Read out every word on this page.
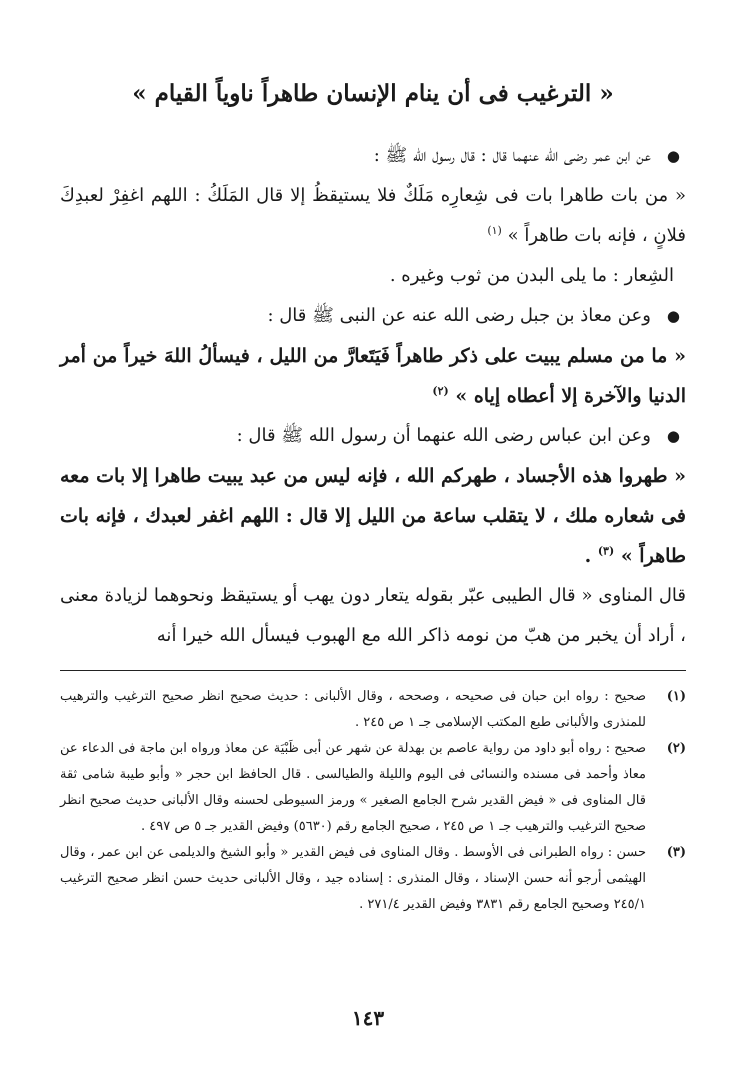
« الترغيب فى أن ينام الإنسان طاهراً ناوياً القيام »

●عن ابن عمر رضى الله عنهما قال : قال رسول الله ﷺ :

« من بات طاهرا بات فى شِعارِه مَلَكٌ فلا يستيقظُ إلا قال المَلَكُ : اللهم اغفِرْ لعبدِكَ فلانٍ ، فإنه بات طاهراً » $^{(١)}$

الشِعار : ما يلى البدن من ثوب وغيره .

●وعن معاذ بن جبل رضى الله عنه عن النبى ﷺ قال :

« ما من مسلم يبيت على ذكر طاهراً فَيَتَعارَّ من الليل ، فيسألُ اللهَ خيراً من أمر الدنيا والآخرة إلا أعطاه إياه » $^{(٢)}$

●وعن ابن عباس رضى الله عنهما أن رسول الله ﷺ قال :

« طهروا هذه الأجساد ، طهركم الله ، فإنه ليس من عبد يبيت طاهرا إلا بات معه فى شعاره ملك ، لا يتقلب ساعة من الليل إلا قال : اللهم اغفر لعبدك ، فإنه بات طاهراً » $^{(٣)}$ .

قال المناوى « قال الطيبى عبّر بقوله يتعار دون يهب أو يستيقظ ونحوهما لزيادة معنى ، أراد أن يخبر من هبّ من نومه ذاكر الله مع الهبوب فيسأل الله خيرا أنه

(١)
صحيح : رواه ابن حبان فى صحيحه ، وصححه ، وقال الألبانى : حديث صحيح انظر صحيح الترغيب والترهيب للمنذرى والألبانى طبع المكتب الإسلامى جـ ١ ص ٢٤٥ .
(٢)
صحيح : رواه أبو داود من رواية عاصم بن بهدلة عن شهر عن أبى ظَبْيَة عن معاذ ورواه ابن ماجة فى الدعاء عن معاذ وأحمد فى مسنده والنسائى فى اليوم والليلة والطيالسى . قال الحافظ ابن حجر « وأبو طيبة شامى ثقة قال المناوى فى « فيض القدير شرح الجامع الصغير » ورمز السيوطى لحسنه وقال الألبانى حديث صحيح انظر صحيح الترغيب والترهيب جـ ١ ص ٢٤٥ ، صحيح الجامع رقم (٥٦٣٠) وفيض القدير جـ ٥ ص ٤٩٧ .
(٣)
حسن : رواه الطبرانى فى الأوسط . وقال المناوى فى فيض القدير « وأبو الشيخ والديلمى عن ابن عمر ، وقال الهيثمى أرجو أنه حسن الإسناد ، وقال المنذرى : إسناده جيد ، وقال الألبانى حديث حسن انظر صحيح الترغيب ٢٤٥/١ وصحيح الجامع رقم ٣٨٣١ وفيض القدير ٢٧١/٤ .
١٤٣
